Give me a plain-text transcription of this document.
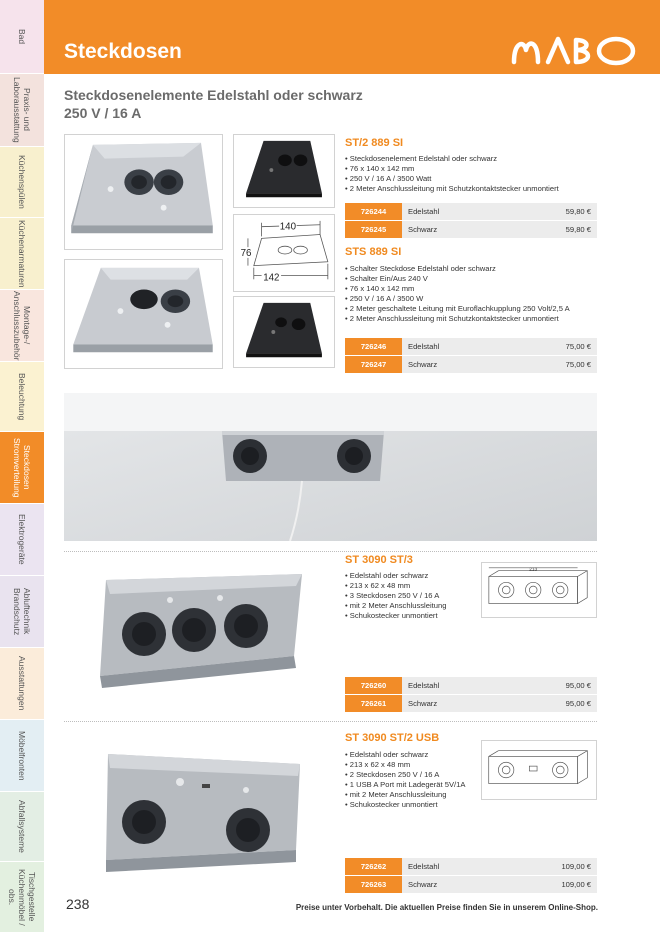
Bad
Praxis- und
Laborausstattung
Küchenspülen
Küchenarmaturen
Montage-/
Anschlusszubehör
Beleuchtung
Steckdosen
Stromverteilung
Elektrogeräte
Abluftechnik
Brandschutz
Ausstattungen
Möbelfronten
Abfallsysteme
Tischgestelle
Küchenmöbel / obs.
Steckdosen
Steckdosenelemente Edelstahl oder schwarz
250 V / 16 A
140
76
142
ST/2 889 SI
• Steckdosenelement Edelstahl oder schwarz
• 76 x 140 x 142 mm
• 250 V / 16 A / 3500 Watt
• 2 Meter Anschlussleitung mit Schutzkontaktstecker unmontiert
726244	Edelstahl	59,80 €
726245	Schwarz	59,80 €
STS 889 SI
• Schalter Steckdose Edelstahl oder schwarz
• Schalter Ein/Aus 240 V
• 76 x 140 x 142 mm
• 250 V / 16 A / 3500 W
• 2 Meter geschaltete Leitung mit Euroflachkupplung 250 Volt/2,5 A
• 2 Meter Anschlussleitung mit Schutzkontaktstecker unmontiert
726246	Edelstahl	75,00 €
726247	Schwarz	75,00 €
ST 3090 ST/3
• Edelstahl oder schwarz
• 213 x 62 x 48 mm
• 3 Steckdosen 250 V / 16 A
• mit 2 Meter Anschlussleitung
• Schukostecker unmontiert
213
726260	Edelstahl	95,00 €
726261	Schwarz	95,00 €
ST 3090 ST/2 USB
• Edelstahl oder schwarz
• 213 x 62 x 48 mm
• 2 Steckdosen 250 V / 16 A
• 1 USB A Port mit Ladegerät 5V/1A
• mit 2 Meter Anschlussleitung
• Schukostecker unmontiert
726262	Edelstahl	109,00 €
726263	Schwarz	109,00 €
238	Preise unter Vorbehalt. Die aktuellen Preise finden Sie in unserem Online-Shop.
